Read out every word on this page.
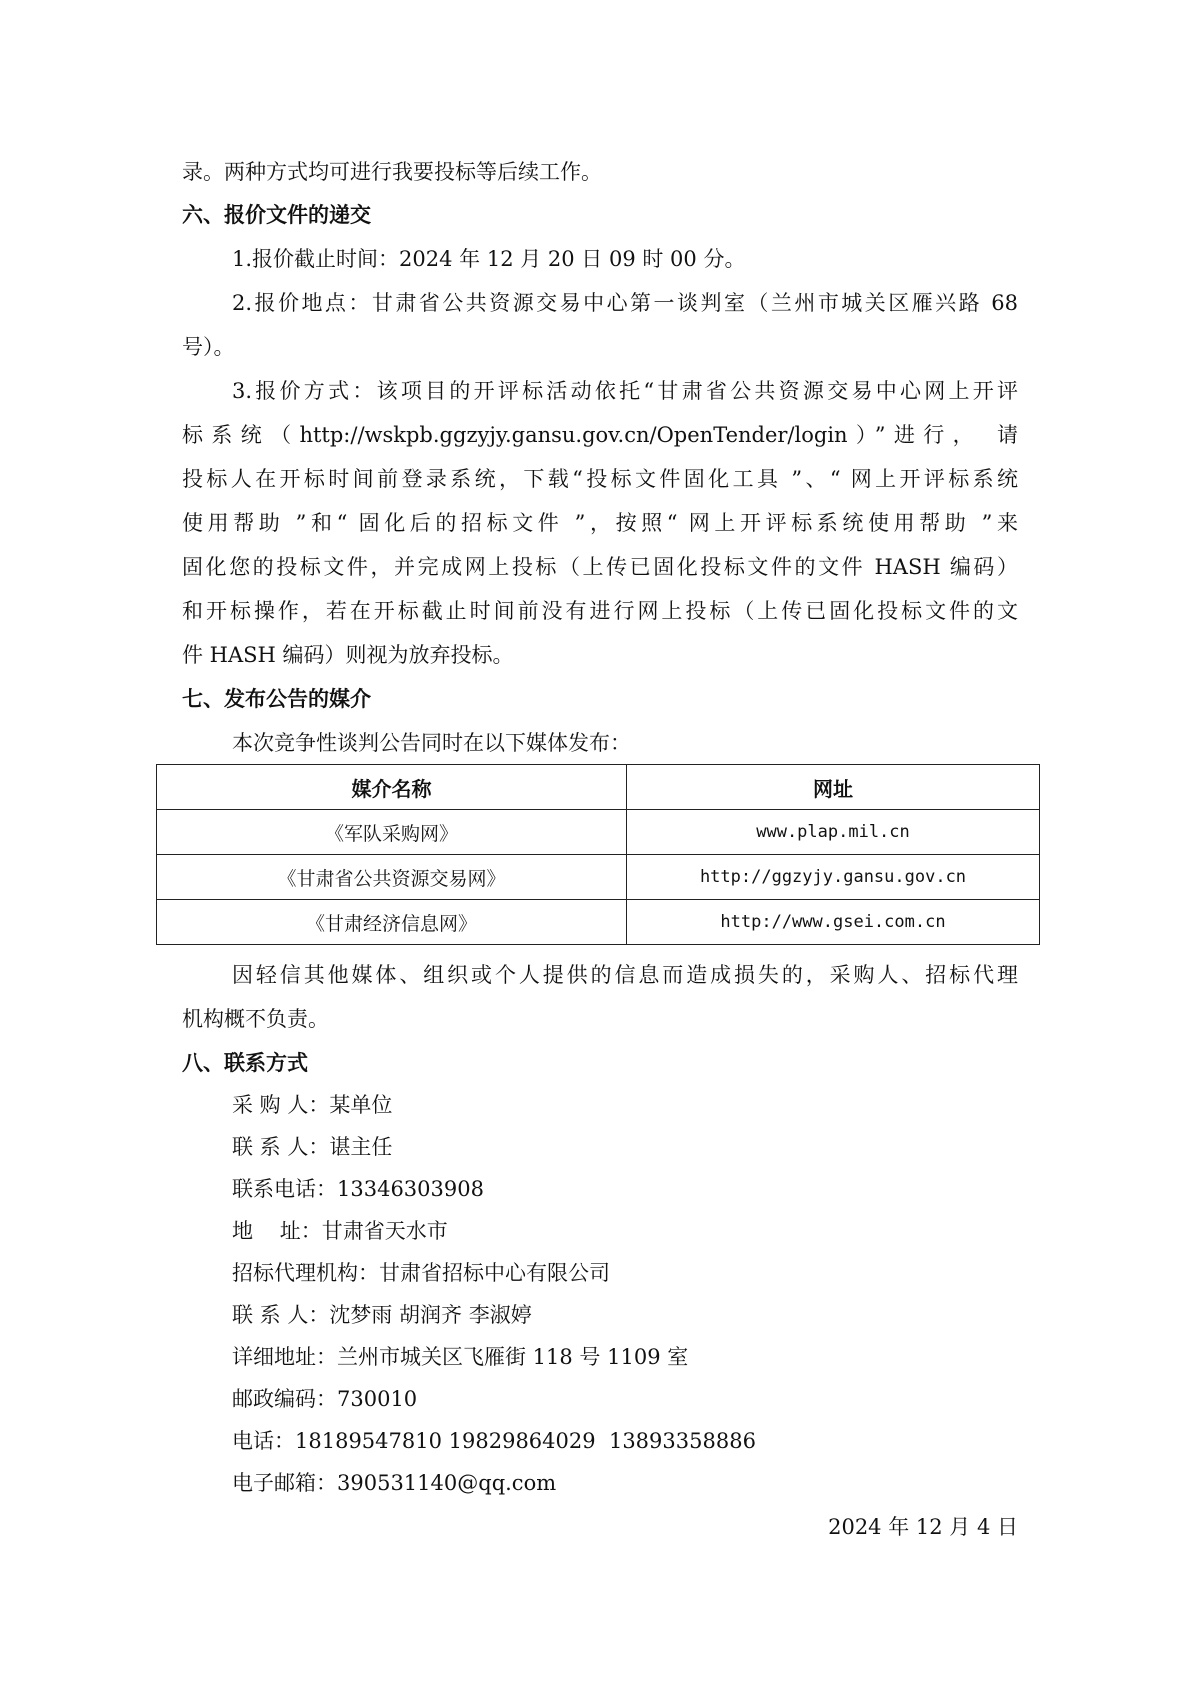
录。两种方式均可进行我要投标等后续工作。
六、报价文件的递交
1.报价截止时间：2024 年 12 月 20 日 09 时 00 分。
2.报价地点：甘肃省公共资源交易中心第一谈判室（兰州市城关区雁兴路 68
号）。
3.报价方式：该项目的开评标活动依托“甘肃省公共资源交易中心网上开评
标系统（http://wskpb.ggzyjy.gansu.gov.cn/OpenTender/login）”进行， 请
投标人在开标时间前登录系统，下载“投标文件固化工具 ”、“ 网上开评标系统
使用帮助 ”和“ 固化后的招标文件 ”，按照“ 网上开评标系统使用帮助 ”来
固化您的投标文件，并完成网上投标（上传已固化投标文件的文件 HASH 编码）
和开标操作，若在开标截止时间前没有进行网上投标（上传已固化投标文件的文
件 HASH 编码）则视为放弃投标。
七、发布公告的媒介
本次竞争性谈判公告同时在以下媒体发布：
媒介名称	网址
《军队采购网》	www.plap.mil.cn
《甘肃省公共资源交易网》	http://ggzyjy.gansu.gov.cn
《甘肃经济信息网》	http://www.gsei.com.cn
因轻信其他媒体、组织或个人提供的信息而造成损失的，采购人、招标代理
机构概不负责。
八、联系方式
采 购 人：某单位
联 系 人：谌主任
联系电话：13346303908
地    址：甘肃省天水市
招标代理机构：甘肃省招标中心有限公司
联 系 人：沈梦雨 胡润齐 李淑婷
详细地址：兰州市城关区飞雁街 118 号 1109 室
邮政编码：730010
电话：18189547810 19829864029  13893358886
电子邮箱：390531140@qq.com
2024 年 12 月 4 日
